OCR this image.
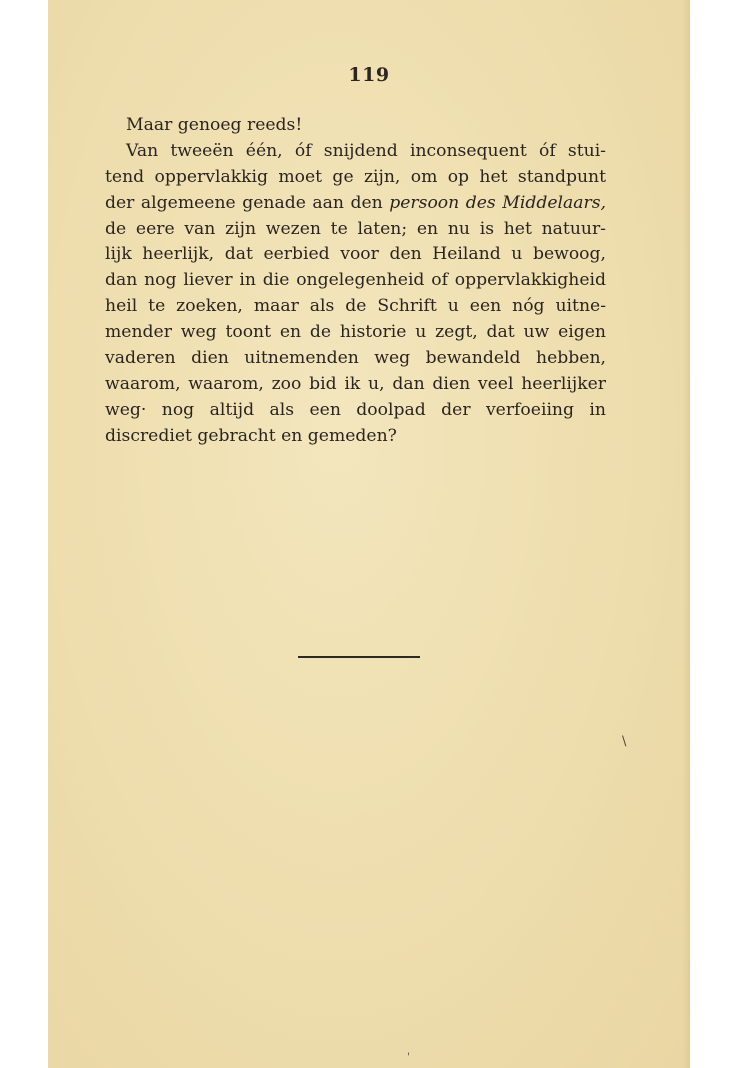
119
Maar genoeg reeds!
Van tweeën één, óf snijdend inconsequent óf stui-
tend oppervlakkig moet ge zijn, om op het standpunt
der algemeene genade aan den persoon des Middelaars,
de eere van zijn wezen te laten; en nu is het natuur-
lijk heerlijk, dat eerbied voor den Heiland u bewoog,
dan nog liever in die ongelegenheid of oppervlakkigheid
heil te zoeken, maar als de Schrift u een nóg uitne-
mender weg toont en de historie u zegt, dat uw eigen
vaderen dien uitnemenden weg bewandeld hebben,
waarom, waarom, zoo bid ik u, dan dien veel heerlijker
weg· nog altijd als een doolpad der verfoeiing in
discrediet gebracht en gemeden?
\
'
